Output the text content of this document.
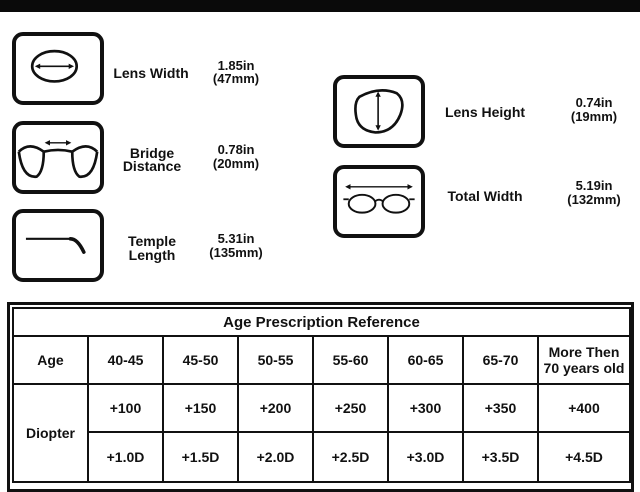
Lens Width	1.85in
(47mm)
Bridge
Distance
0.78in
(20mm)
Temple
Length
5.31in
(135mm)
Lens Height
0.74in
(19mm)
Total Width
5.19in
(132mm)
Age Prescription Reference							
Age	40-45	45-50	50-55	55-60	60-65	65-70	More Then
70 years old

Diopter	+100	+150	+200	+250	+300	+350	+400
	+1.0D	+1.5D	+2.0D	+2.5D	+3.0D	+3.5D	+4.5D
